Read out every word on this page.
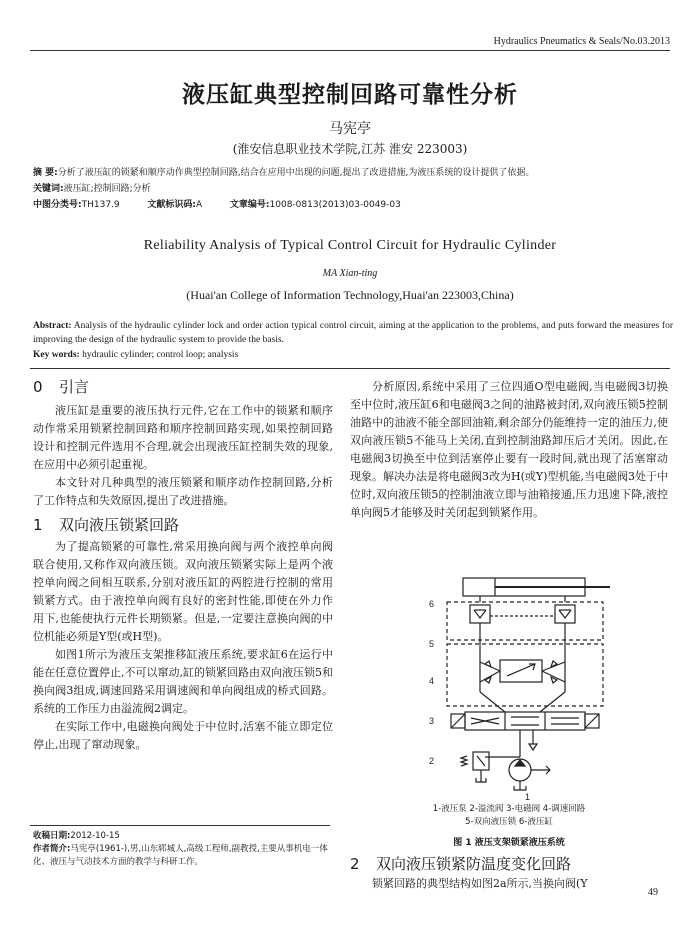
Hydraulics Pneumatics & Seals/No.03.2013
液压缸典型控制回路可靠性分析
马宪亭
(淮安信息职业技术学院,江苏 淮安 223003)
摘 要:分析了液压缸的锁紧和顺序动作典型控制回路,结合在应用中出现的问题,提出了改进措施,为液压系统的设计提供了依据。
关键词:液压缸;控制回路;分析
中图分类号:TH137.9	文献标识码:A	文章编号:1008-0813(2013)03-0049-03
Reliability Analysis of Typical Control Circuit for Hydraulic Cylinder
MA Xian-ting
(Huai'an College of Information Technology,Huai'an 223003,China)
Abstract: Analysis of the hydraulic cylinder lock and order action typical control circuit, aiming at the application to the problems, and puts forward the measures for improving the design of the hydraulic system to provide the basis.
Key words: hydraulic cylinder; control loop; analysis
0 引言

液压缸是重要的液压执行元件,它在工作中的锁紧和顺序动作常采用锁紧控制回路和顺序控制回路实现,如果控制回路设计和控制元件选用不合理,就会出现液压缸控制失效的现象,在应用中必须引起重视。

本文针对几种典型的液压锁紧和顺序动作控制回路,分析了工作特点和失效原因,提出了改进措施。

1 双向液压锁紧回路

为了提高锁紧的可靠性,常采用换向阀与两个液控单向阀联合使用,又称作双向液压锁。双向液压锁紧实际上是两个液控单向阀之间相互联系,分别对液压缸的两腔进行控制的常用锁紧方式。由于液控单向阀有良好的密封性能,即使在外力作用下,也能使执行元件长期锁紧。但是,一定要注意换向阀的中位机能必须是Y型(或H型)。

如图1所示为液压支架推移缸液压系统,要求缸6在运行中能在任意位置停止,不可以窜动,缸的锁紧回路由双向液压锁5和换向阀3组成,调速回路采用调速阀和单向阀组成的桥式回路。系统的工作压力由溢流阀2调定。

在实际工作中,电磁换向阀处于中位时,活塞不能立即定位停止,出现了窜动现象。

收稿日期:2012-10-15
作者简介:马宪亭(1961-),男,山东郓城人,高级工程师,副教授,主要从事机电一体化、液压与气动技术方面的教学与科研工作。

分析原因,系统中采用了三位四通O型电磁阀,当电磁阀3切换至中位时,液压缸6和电磁阀3之间的油路被封闭,双向液压锁5控制油路中的油液不能全部回油箱,剩余部分仍能维持一定的油压力,使双向液压锁5不能马上关闭,直到控制油路卸压后才关闭。因此,在电磁阀3切换至中位到活塞停止要有一段时间,就出现了活塞窜动现象。解决办法是将电磁阀3改为H(或Y)型机能,当电磁阀3处于中位时,双向液压锁5的控制油液立即与油箱接通,压力迅速下降,液控单向阀5才能够及时关闭起到锁紧作用。

6
5
4
3
2
1
1-液压泵 2-溢流阀 3-电磁阀 4-调速回路
5-双向液压锁 6-液压缸
图 1 液压支架锁紧液压系统
2 双向液压锁紧防温度变化回路

锁紧回路的典型结构如图2a所示,当换向阀(Y

49
